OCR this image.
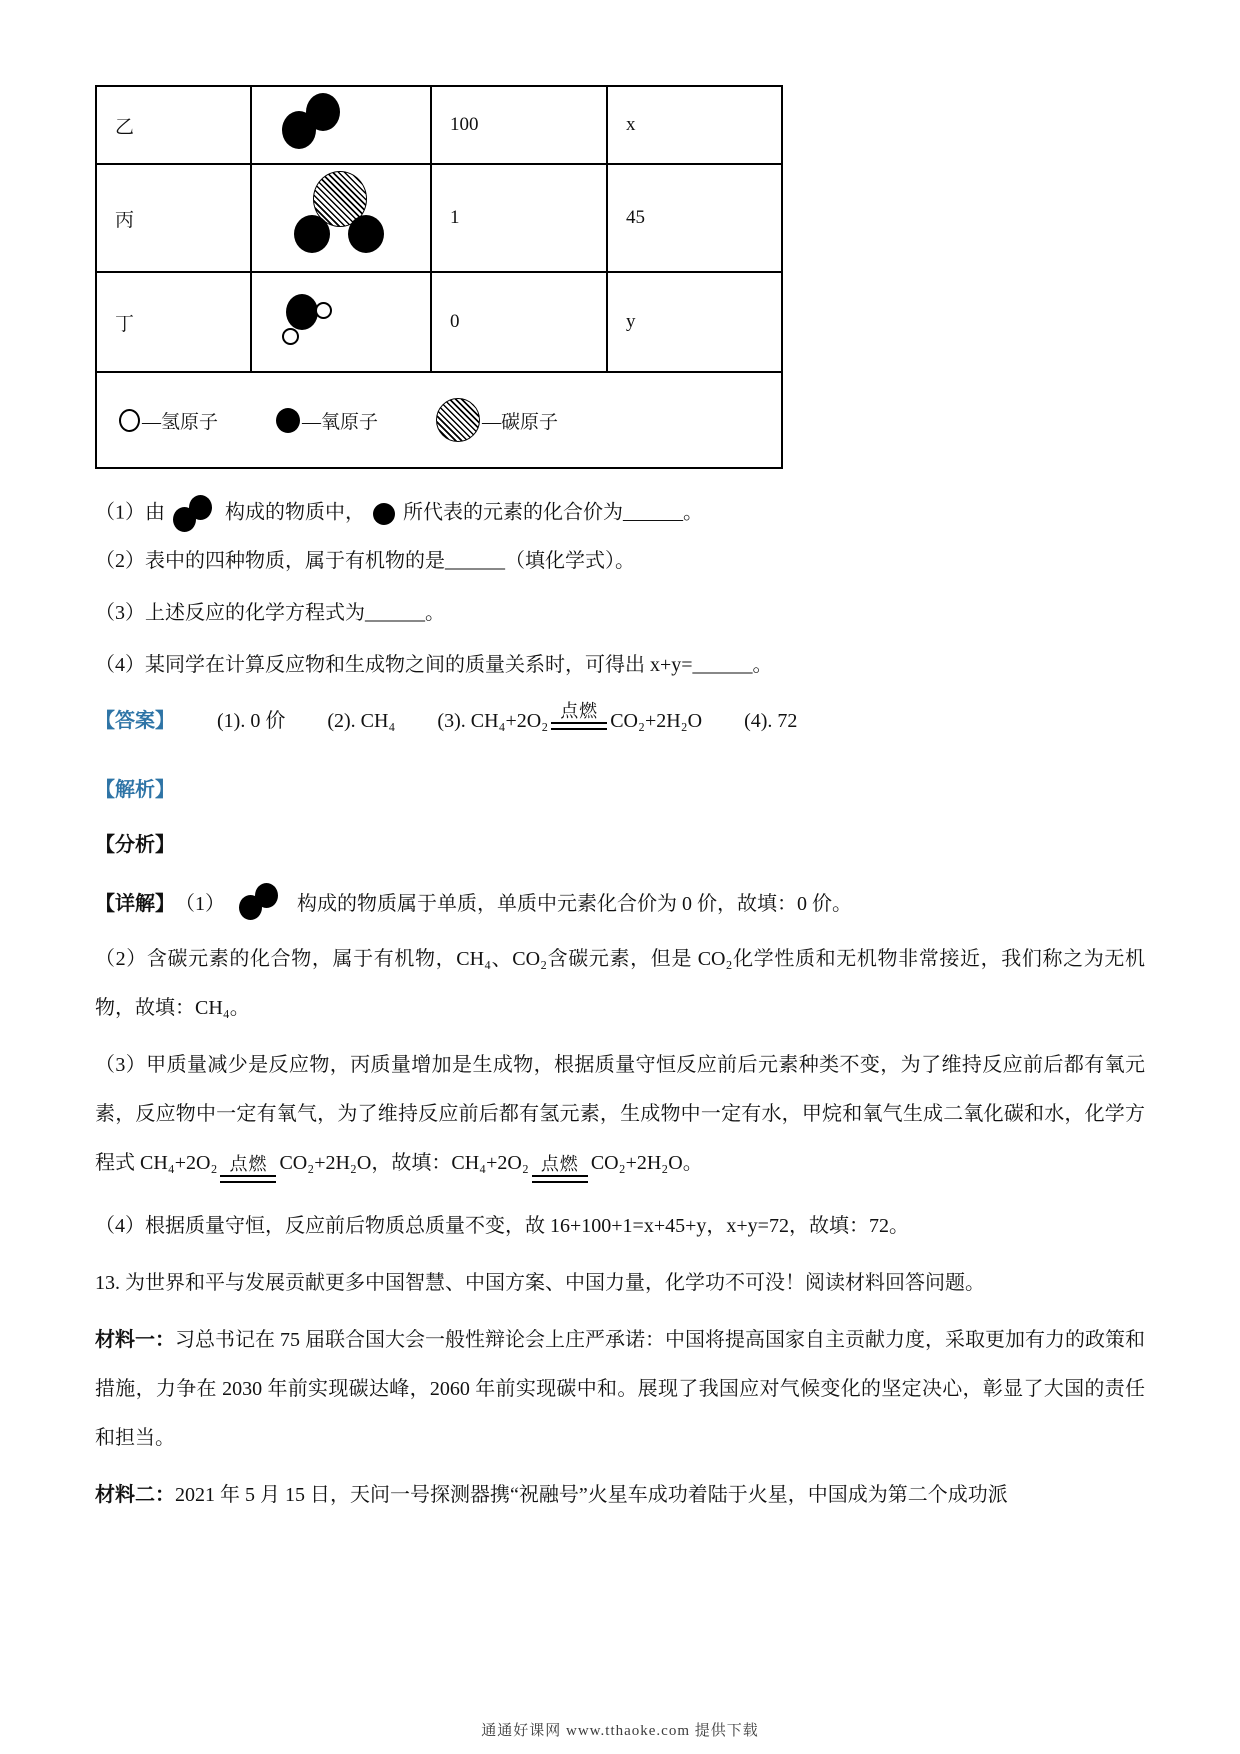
乙		100	x
丙		1	45
丁		0	y

—氢原子 —氧原子 —碳原子			
（1）由	构成的物质中， 所代表的元素的化合价为______。
（2）表中的四种物质，属于有机物的是______（填化学式）。
（3）上述反应的化学方程式为______。
（4）某同学在计算反应物和生成物之间的质量关系时，可得出 x+y=______。
【答案】 (1). 0 价 (2). CH₄ (3). CH₄+2O₂ 点燃 CO₂+2H₂O (4). 72
【解析】
【分析】
【详解】 （1）	构成的物质属于单质，单质中元素化合价为 0 价，故填：0 价。
（2）含碳元素的化合物，属于有机物，CH₄、CO₂含碳元素，但是 CO₂化学性质和无机物非常接近，我们称之为无机物，故填：CH₄。
（3）甲质量减少是反应物，丙质量增加是生成物，根据质量守恒反应前后元素种类不变，为了维持反应前后都有氧元素，反应物中一定有氧气，为了维持反应前后都有氢元素，生成物中一定有水，甲烷和氧气生成二氧化碳和水，化学方程式 CH₄+2O₂ 点燃 CO₂+2H₂O ，故填： CH₄+2O₂ 点燃 CO₂+2H₂O 。
（4）根据质量守恒，反应前后物质总质量不变，故 16+100+1=x+45+y，x+y=72，故填：72。
13. 为世界和平与发展贡献更多中国智慧、中国方案、中国力量，化学功不可没！阅读材料回答问题。
材料一：习总书记在 75 届联合国大会一般性辩论会上庄严承诺：中国将提高国家自主贡献力度，采取更加有力的政策和措施，力争在 2030 年前实现碳达峰，2060 年前实现碳中和。展现了我国应对气候变化的坚定决心，彰显了大国的责任和担当。
材料二：2021 年 5 月 15 日，天问一号探测器携“祝融号”火星车成功着陆于火星，中国成为第二个成功派
通通好课网 www.tthaoke.com 提供下载
